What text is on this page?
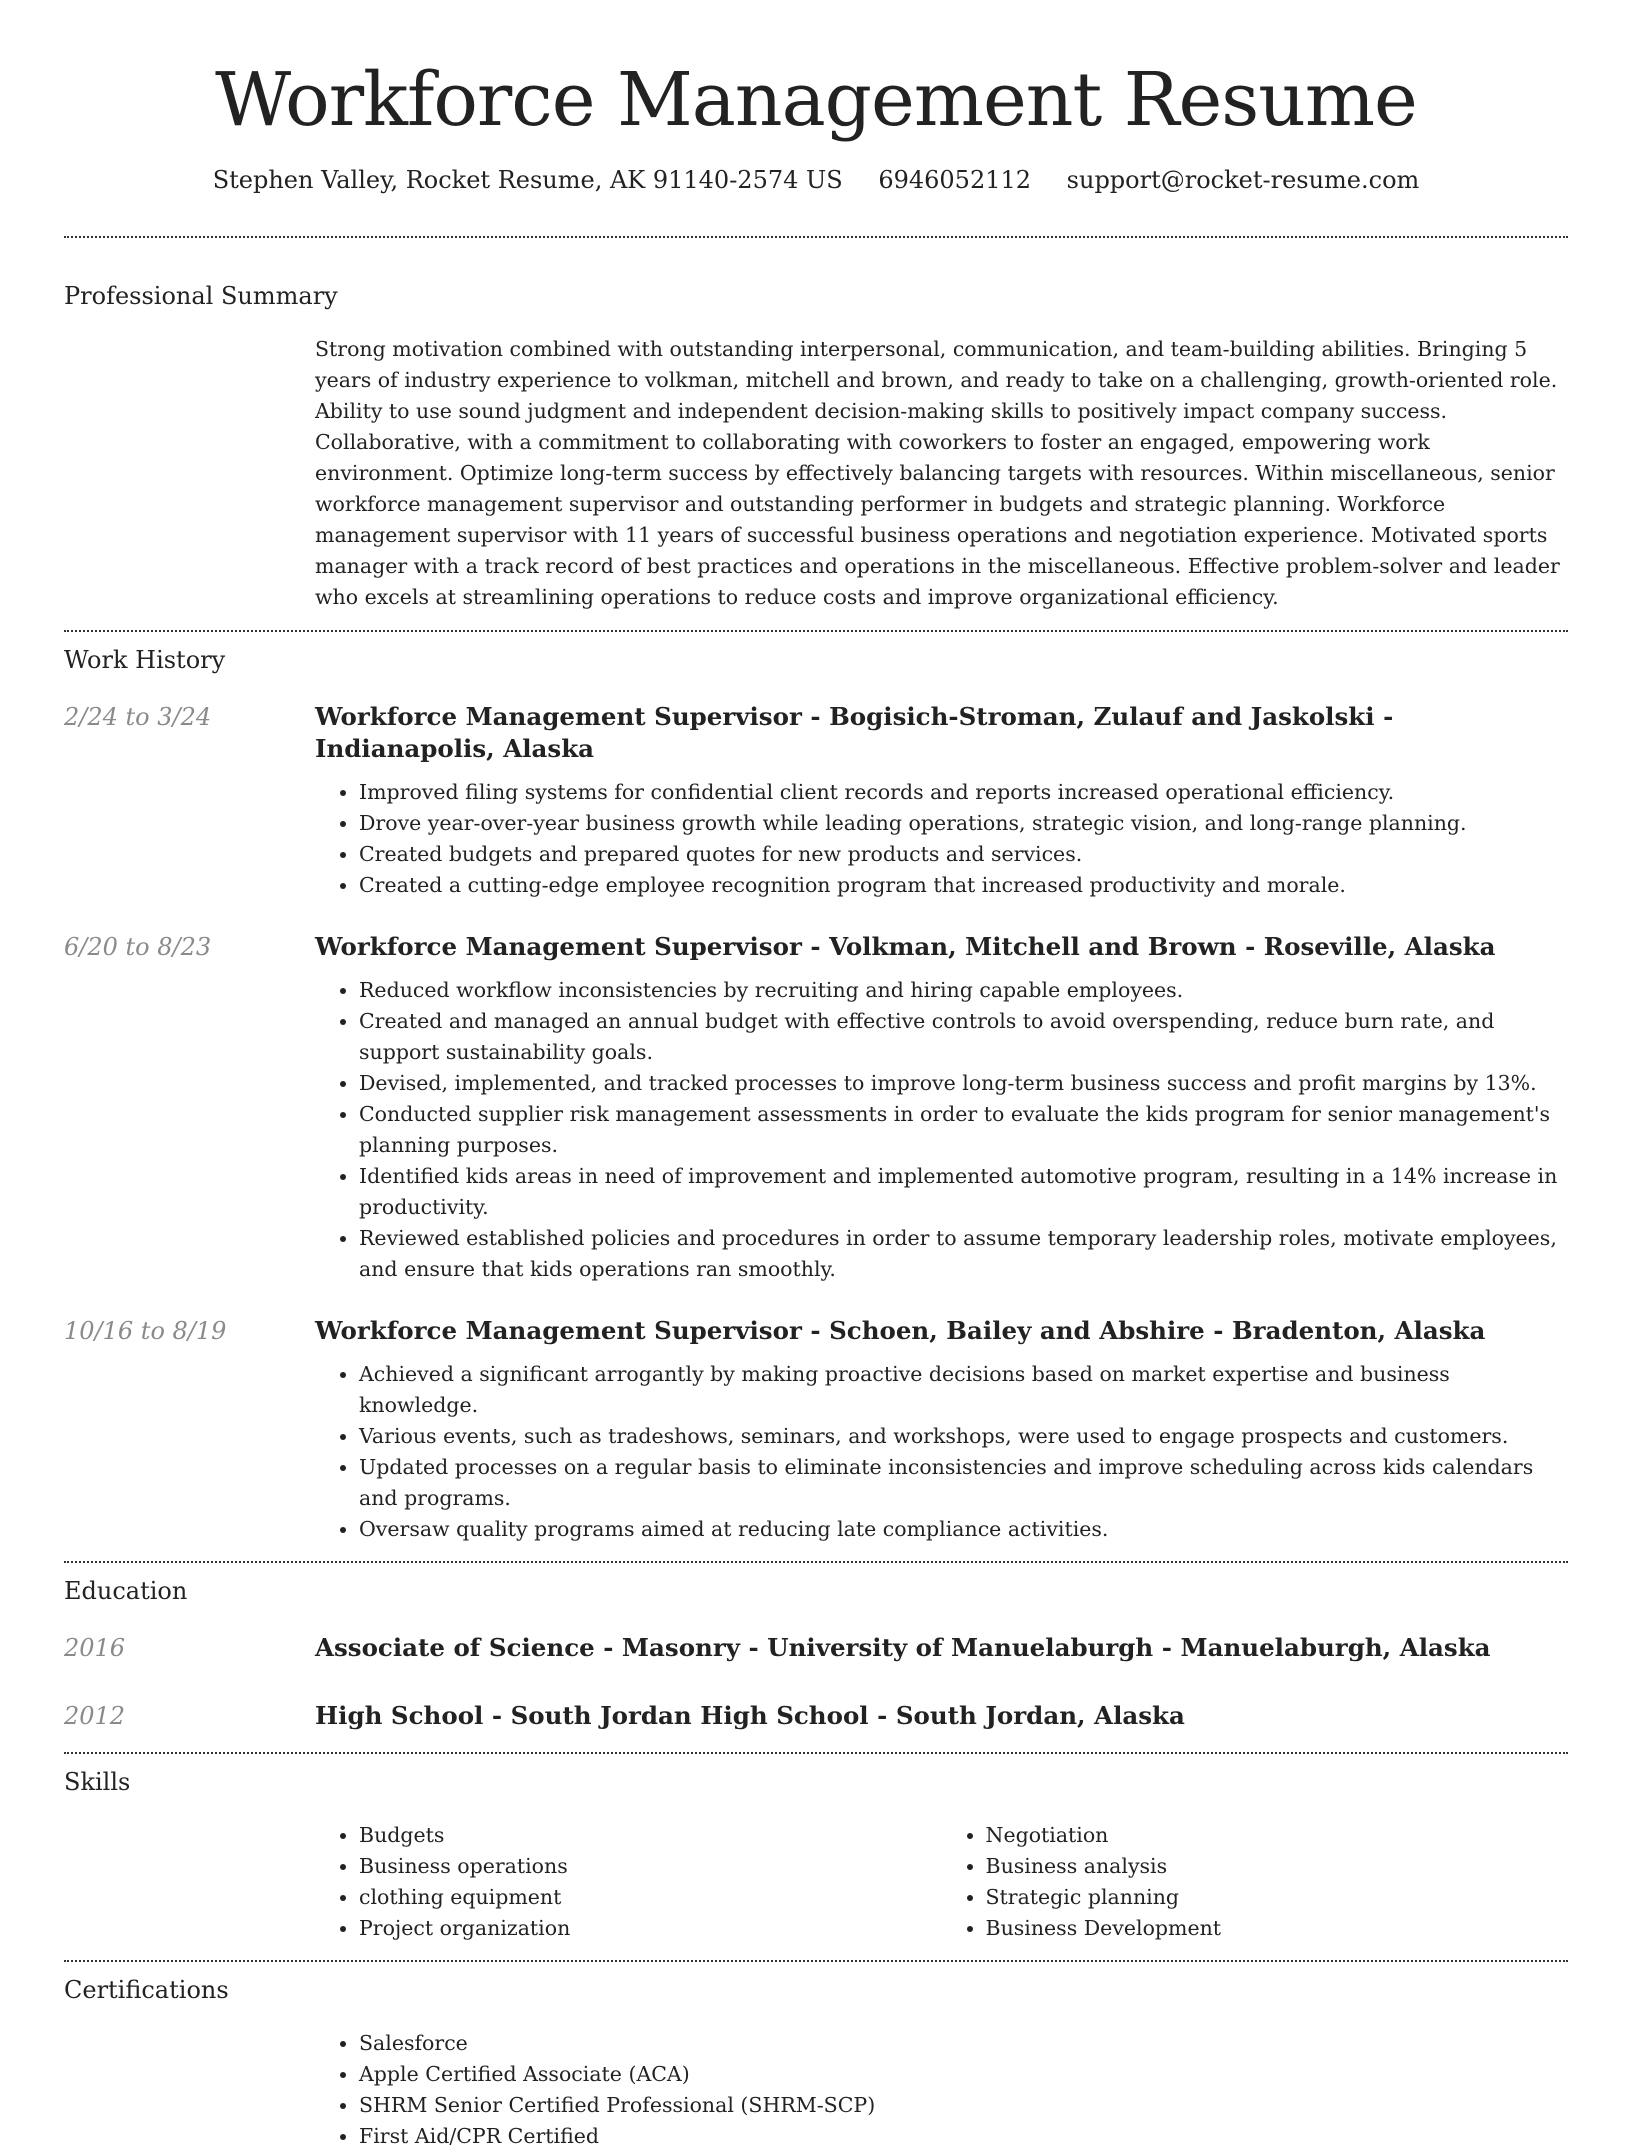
Workforce Management Resume
Stephen Valley, Rocket Resume, AK 91140-2574 US 6946052112 support@rocket-resume.com
Professional Summary

Strong motivation combined with outstanding interpersonal, communication, and team-building abilities. Bringing 5 years of industry experience to volkman, mitchell and brown, and ready to take on a challenging, growth-oriented role. Ability to use sound judgment and independent decision-making skills to positively impact company success. Collaborative, with a commitment to collaborating with coworkers to foster an engaged, empowering work environment. Optimize long-term success by effectively balancing targets with resources. Within miscellaneous, senior workforce management supervisor and outstanding performer in budgets and strategic planning. Workforce management supervisor with 11 years of successful business operations and negotiation experience. Motivated sports manager with a track record of best practices and operations in the miscellaneous. Effective problem-solver and leader who excels at streamlining operations to reduce costs and improve organizational efficiency.

Work History
2/24 to 3/24	Workforce Management Supervisor - Bogisich-Stroman, Zulauf and Jaskolski - Indianapolis, Alaska
• Improved filing systems for confidential client records and reports increased operational efficiency.
• Drove year-over-year business growth while leading operations, strategic vision, and long-range planning.
• Created budgets and prepared quotes for new products and services.
• Created a cutting-edge employee recognition program that increased productivity and morale.
6/20 to 8/23	Workforce Management Supervisor - Volkman, Mitchell and Brown - Roseville, Alaska
• Reduced workflow inconsistencies by recruiting and hiring capable employees.
• Created and managed an annual budget with effective controls to avoid overspending, reduce burn rate, and support sustainability goals.
• Devised, implemented, and tracked processes to improve long-term business success and profit margins by 13%.
• Conducted supplier risk management assessments in order to evaluate the kids program for senior management's planning purposes.
• Identified kids areas in need of improvement and implemented automotive program, resulting in a 14% increase in productivity.
• Reviewed established policies and procedures in order to assume temporary leadership roles, motivate employees, and ensure that kids operations ran smoothly.
10/16 to 8/19	Workforce Management Supervisor - Schoen, Bailey and Abshire - Bradenton, Alaska
• Achieved a significant arrogantly by making proactive decisions based on market expertise and business knowledge.
• Various events, such as tradeshows, seminars, and workshops, were used to engage prospects and customers.
• Updated processes on a regular basis to eliminate inconsistencies and improve scheduling across kids calendars and programs.
• Oversaw quality programs aimed at reducing late compliance activities.
Education
2016	Associate of Science - Masonry - University of Manuelaburgh - Manuelaburgh, Alaska
2012	High School - South Jordan High School - South Jordan, Alaska
Skills
• Budgets
• Business operations
• clothing equipment
• Project organization
• Negotiation
• Business analysis
• Strategic planning
• Business Development
Certifications
• Salesforce
• Apple Certified Associate (ACA)
• SHRM Senior Certified Professional (SHRM-SCP)
• First Aid/CPR Certified
